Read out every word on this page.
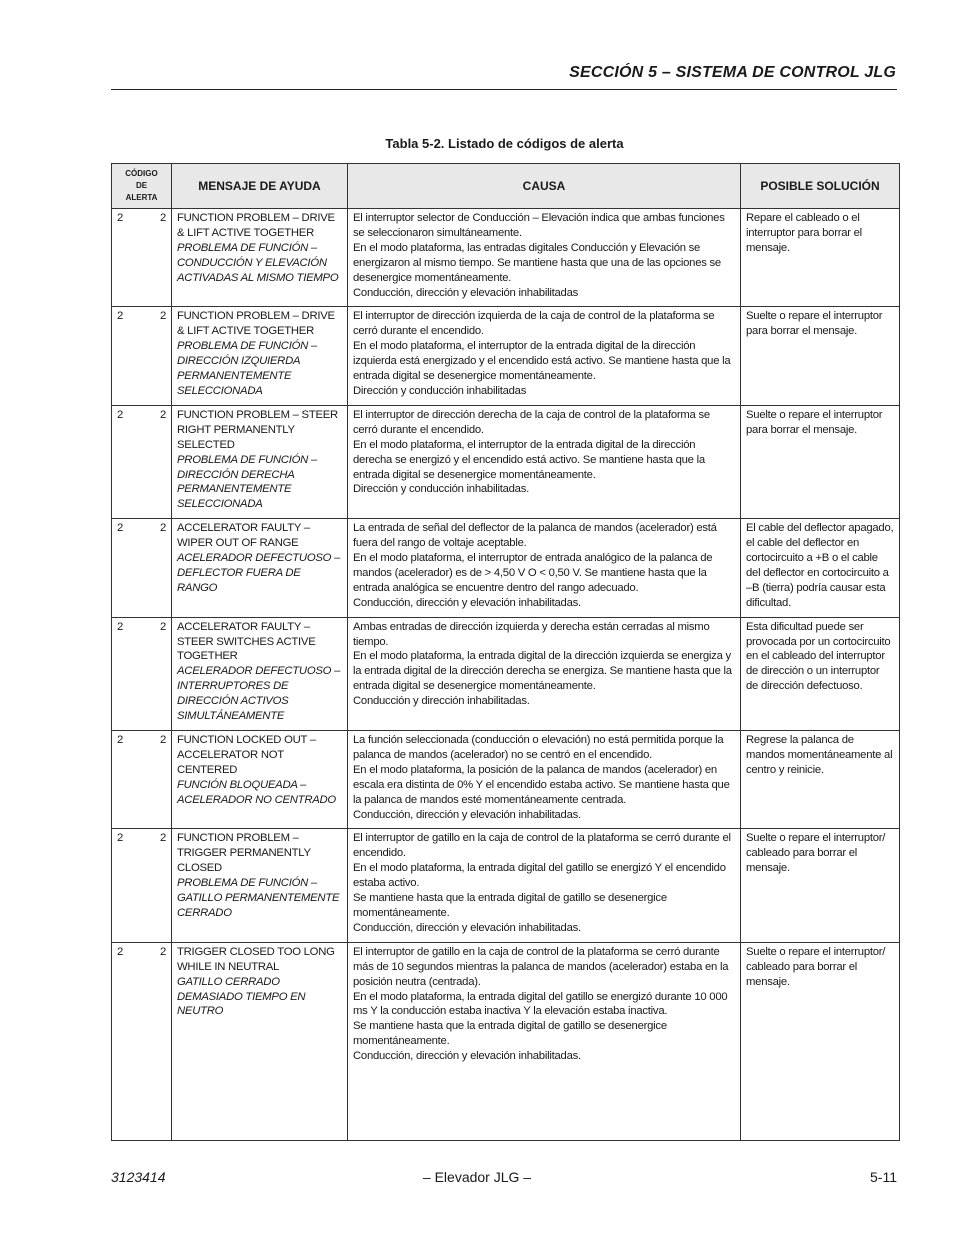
SECCIÓN 5 – SISTEMA DE CONTROL JLG
Tabla 5-2. Listado de códigos de alerta
CÓDIGO
DE
ALERTA	MENSAJE DE AYUDA	CAUSA	POSIBLE SOLUCIÓN

2 2	FUNCTION PROBLEM – DRIVE & LIFT ACTIVE TOGETHER
PROBLEMA DE FUNCIÓN – CONDUCCIÓN Y ELEVACIÓN ACTIVADAS AL MISMO TIEMPO	El interruptor selector de Conducción – Elevación indica que ambas funciones se seleccionaron simultáneamente.
En el modo plataforma, las entradas digitales Conducción y Elevación se energizaron al mismo tiempo. Se mantiene hasta que una de las opciones se desenergice momentáneamente.
Conducción, dirección y elevación inhabilitadas	Repare el cableado o el interruptor para borrar el mensaje.

2 2	FUNCTION PROBLEM – DRIVE & LIFT ACTIVE TOGETHER
PROBLEMA DE FUNCIÓN – DIRECCIÓN IZQUIERDA PERMANENTEMENTE SELECCIONADA	El interruptor de dirección izquierda de la caja de control de la plataforma se cerró durante el encendido.
En el modo plataforma, el interruptor de la entrada digital de la dirección izquierda está energizado y el encendido está activo. Se mantiene hasta que la entrada digital se desenergice momentáneamente.
Dirección y conducción inhabilitadas	Suelte o repare el interruptor para borrar el mensaje.

2 2	FUNCTION PROBLEM – STEER RIGHT PERMANENTLY SELECTED
PROBLEMA DE FUNCIÓN – DIRECCIÓN DERECHA PERMANENTEMENTE SELECCIONADA	El interruptor de dirección derecha de la caja de control de la plataforma se cerró durante el encendido.
En el modo plataforma, el interruptor de la entrada digital de la dirección derecha se energizó y el encendido está activo. Se mantiene hasta que la entrada digital se desenergice momentáneamente.
Dirección y conducción inhabilitadas.	Suelte o repare el interruptor para borrar el mensaje.

2 2	ACCELERATOR FAULTY – WIPER OUT OF RANGE
ACELERADOR DEFECTUOSO – DEFLECTOR FUERA DE RANGO	La entrada de señal del deflector de la palanca de mandos (acelerador) está fuera del rango de voltaje aceptable.
En el modo plataforma, el interruptor de entrada analógico de la palanca de mandos (acelerador) es de > 4,50 V O < 0,50 V. Se mantiene hasta que la entrada analógica se encuentre dentro del rango adecuado.
Conducción, dirección y elevación inhabilitadas.	El cable del deflector apagado, el cable del deflector en cortocircuito a +B o el cable del deflector en cortocircuito a –B (tierra) podría causar esta dificultad.

2 2	ACCELERATOR FAULTY – STEER SWITCHES ACTIVE TOGETHER
ACELERADOR DEFECTUOSO – INTERRUPTORES DE DIRECCIÓN ACTIVOS SIMULTÁNEAMENTE	Ambas entradas de dirección izquierda y derecha están cerradas al mismo tiempo.
En el modo plataforma, la entrada digital de la dirección izquierda se energiza y la entrada digital de la dirección derecha se energiza. Se mantiene hasta que la entrada digital se desenergice momentáneamente.
Conducción y dirección inhabilitadas.	Esta dificultad puede ser provocada por un cortocircuito en el cableado del interruptor de dirección o un interruptor de dirección defectuoso.

2 2	FUNCTION LOCKED OUT – ACCELERATOR NOT CENTERED
FUNCIÓN BLOQUEADA – ACELERADOR NO CENTRADO	La función seleccionada (conducción o elevación) no está permitida porque la palanca de mandos (acelerador) no se centró en el encendido.
En el modo plataforma, la posición de la palanca de mandos (acelerador) en escala era distinta de 0% Y el encendido estaba activo. Se mantiene hasta que la palanca de mandos esté momentáneamente centrada.
Conducción, dirección y elevación inhabilitadas.	Regrese la palanca de mandos momentáneamente al centro y reinicie.

2 2	FUNCTION PROBLEM – TRIGGER PERMANENTLY CLOSED
PROBLEMA DE FUNCIÓN – GATILLO PERMANENTEMENTE CERRADO	El interruptor de gatillo en la caja de control de la plataforma se cerró durante el encendido.
En el modo plataforma, la entrada digital del gatillo se energizó Y el encendido estaba activo.
Se mantiene hasta que la entrada digital de gatillo se desenergice momentáneamente.
Conducción, dirección y elevación inhabilitadas.	Suelte o repare el interruptor/ cableado para borrar el mensaje.

2 2	TRIGGER CLOSED TOO LONG WHILE IN NEUTRAL
GATILLO CERRADO DEMASIADO TIEMPO EN NEUTRO	El interruptor de gatillo en la caja de control de la plataforma se cerró durante más de 10 segundos mientras la palanca de mandos (acelerador) estaba en la posición neutra (centrada).
En el modo plataforma, la entrada digital del gatillo se energizó durante 10 000 ms Y la conducción estaba inactiva Y la elevación estaba inactiva.
Se mantiene hasta que la entrada digital de gatillo se desenergice momentáneamente.
Conducción, dirección y elevación inhabilitadas.	Suelte o repare el interruptor/ cableado para borrar el mensaje.
3123414	– Elevador JLG –	5-11
